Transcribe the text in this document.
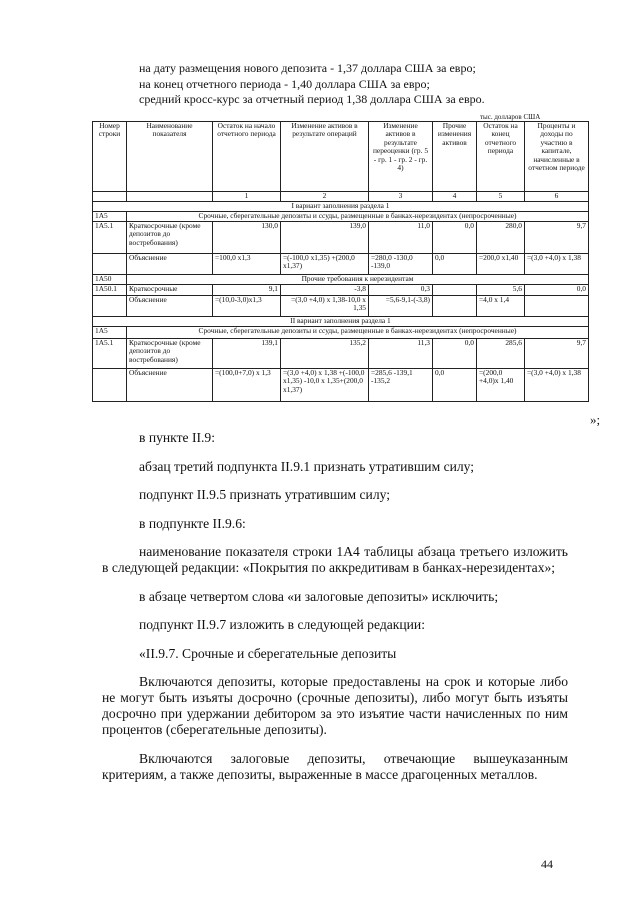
на дату размещения нового депозита - 1,37 доллара США за евро;
на конец отчетного периода - 1,40 доллара США за евро;
средний кросс-курс за отчетный период 1,38 доллара США за евро.
тыс. долларов США
Номер строки	Наименование показателя	Остаток на начало отчетного периода	Изменение активов в результате операций	Изменение активов в результате переоценки (гр. 5 - гр. 1 - гр. 2 - гр. 4)	Прочие изменения активов	Остаток на конец отчетного периода	Проценты и доходы по участию в капитале, начисленные в отчетном периоде
		1	2	3	4	5	6
I вариант заполнения раздела 1							
1А5	Срочные, сберегательные депозиты и ссуды, размещенные в банках-нерезидентах (непросроченные)						
1А5.1	Краткосрочные (кроме депозитов до востребования)	130,0	139,0	11,0	0,0	280,0	9,7
	Объяснение	=100,0 х1,3	=(-100,0 х1,35) +(200,0 х1,37)	=280,0 -130,0 -139,0	0,0	=200,0 х1,40	=(3,0 +4,0) х 1,38
1А50	Прочие требования к нерезидентам						
1А50.1	Краткосрочные	9,1	-3,8	0,3		5,6	0,0
	Объяснение	=(10,0-3,0)х1,3	=(3,0 +4,0) х 1,38-10,0 х 1,35	=5,6-9,1-(-3,8)		=4,0 х 1,4	
II вариант заполнения раздела 1							
1А5	Срочные, сберегательные депозиты и ссуды, размещенные в банках-нерезидентах (непросроченные)						
1А5.1	Краткосрочные (кроме депозитов до востребования)	139,1	135,2	11,3	0,0	285,6	9,7
	Объяснение	=(100,0+7,0) х 1,3	=(3,0 +4,0) х 1,38 +(-100,0 х1,35) -10,0 х 1,35+(200,0 х1,37)	=285,6 -139,1 -135,2	0,0	=(200,0 +4,0)х 1,40	=(3,0 +4,0) х 1,38
»;

в пункте II.9:

абзац третий подпункта II.9.1 признать утратившим силу;

подпункт II.9.5 признать утратившим силу;

в подпункте II.9.6:

наименование показателя строки 1А4 таблицы абзаца третьего изложить в следующей редакции: «Покрытия по аккредитивам в банках-нерезидентах»;

в абзаце четвертом слова «и залоговые депозиты» исключить;

подпункт II.9.7 изложить в следующей редакции:

«II.9.7. Срочные и сберегательные депозиты

Включаются депозиты, которые предоставлены на срок и которые либо не могут быть изъяты досрочно (срочные депозиты), либо могут быть изъяты досрочно при удержании дебитором за это изъятие части начисленных по ним процентов (сберегательные депозиты).

Включаются залоговые депозиты, отвечающие вышеуказанным критериям, а также депозиты, выраженные в массе драгоценных металлов.

44
